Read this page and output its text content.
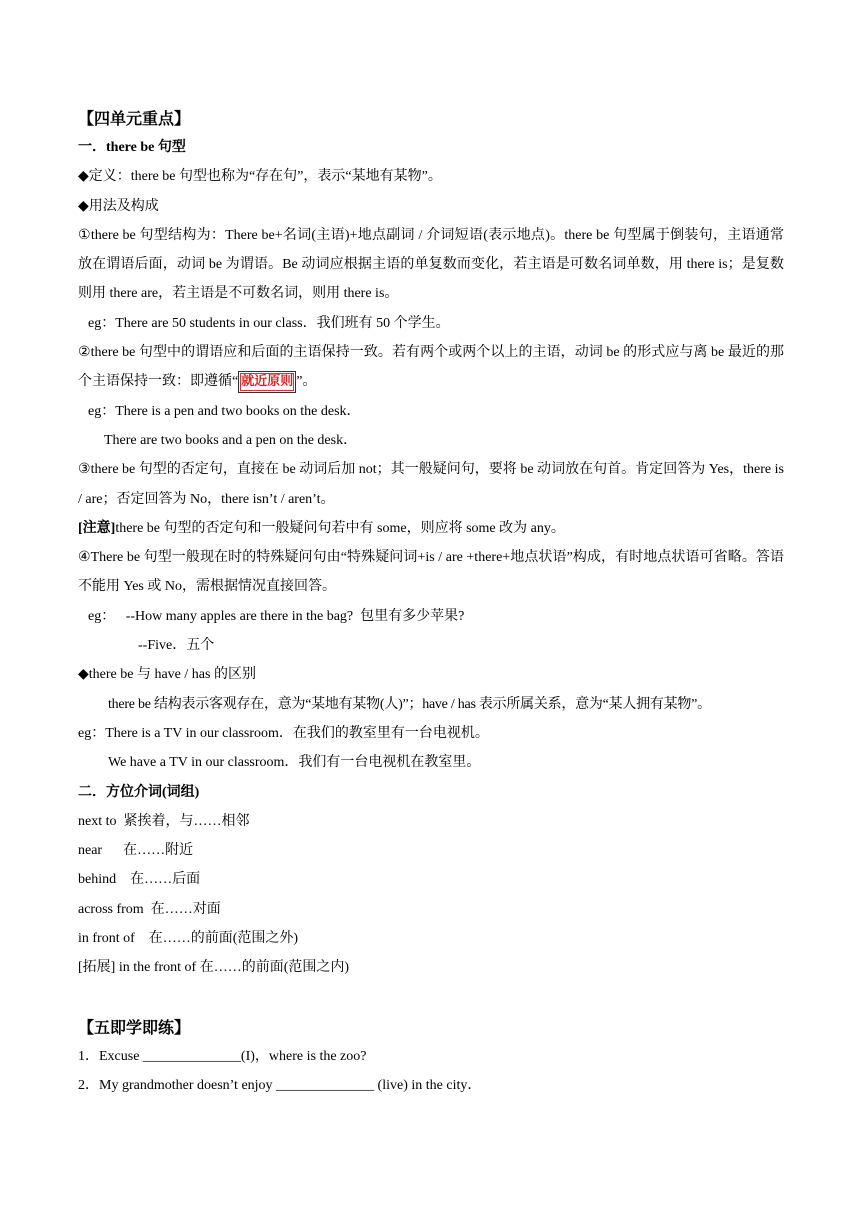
【四单元重点】
一．there be 句型
◆定义：there be 句型也称为“存在句”，表示“某地有某物”。
◆用法及构成
①there be 句型结构为：There be+名词(主语)+地点副词 / 介词短语(表示地点)。there be 句型属于倒装句，主语通常放在谓语后面，动词 be 为谓语。Be 动词应根据主语的单复数而变化，若主语是可数名词单数，用 there is；是复数则用 there are，若主语是不可数名词，则用 there is。
eg：There are 50 students in our class．我们班有 50 个学生。
②there be 句型中的谓语应和后面的主语保持一致。若有两个或两个以上的主语，动词 be 的形式应与离 be 最近的那个主语保持一致：即遵循“ 就近原则 ”。
eg：There is a pen and two books on the desk．
There are two books and a pen on the desk．
③there be 句型的否定句，直接在 be 动词后加 not；其一般疑问句，要将 be 动词放在句首。肯定回答为 Yes，there is / are；否定回答为 No，there isn’t / aren’t。
[注意]there be 句型的否定句和一般疑问句若中有 some，则应将 some 改为 any。
④There be 句型一般现在时的特殊疑问句由“特殊疑问词+is / are +there+地点状语”构成，有时地点状语可省略。答语不能用 Yes 或 No，需根据情况直接回答。
eg：   --How many apples are there in the bag?  包里有多少苹果?
--Five．五个
◆there be 与 have / has 的区别
there be 结构表示客观存在，意为“某地有某物(人)”；have / has 表示所属关系，意为“某人拥有某物”。
eg：There is a TV in our classroom．在我们的教室里有一台电视机。
We have a TV in our classroom．我们有一台电视机在教室里。
二．方位介词(词组)
next to  紧挨着，与……相邻
near      在……附近
behind    在……后面
across from  在……对面
in front of    在……的前面(范围之外)
[拓展] in the front of 在……的前面(范围之内)
【五即学即练】
1．Excuse ______________(I)，where is the zoo?
2．My grandmother doesn’t enjoy ______________ (live) in the city．
